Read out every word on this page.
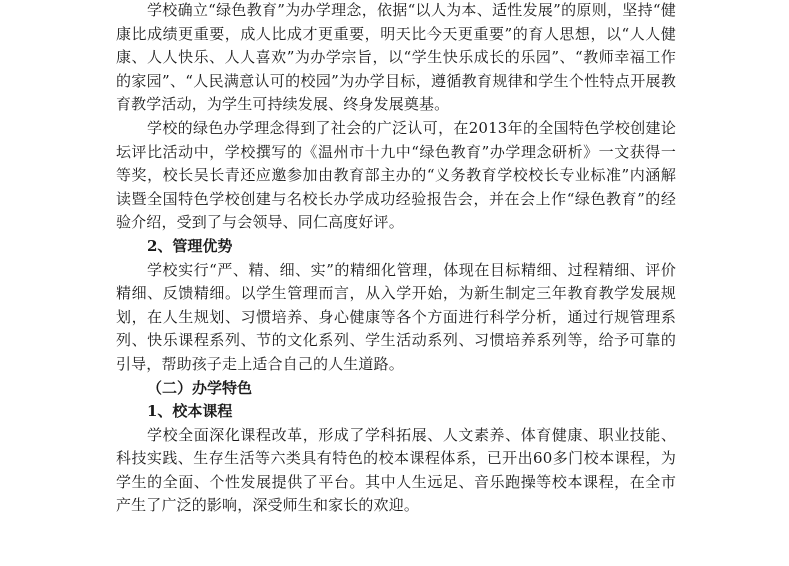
学校确立“绿色教育”为办学理念，依据“以人为本、适性发展”的原则，坚持“健康比成绩更重要，成人比成才更重要，明天比今天更重要”的育人思想，以“人人健康、人人快乐、人人喜欢”为办学宗旨，以“学生快乐成长的乐园”、“教师幸福工作的家园”、“人民满意认可的校园”为办学目标，遵循教育规律和学生个性特点开展教育教学活动，为学生可持续发展、终身发展奠基。

学校的绿色办学理念得到了社会的广泛认可，在2013年的全国特色学校创建论坛评比活动中，学校撰写的《温州市十九中“绿色教育”办学理念研析》一文获得一等奖，校长吴长青还应邀参加由教育部主办的“义务教育学校校长专业标准”内涵解读暨全国特色学校创建与名校长办学成功经验报告会，并在会上作“绿色教育”的经验介绍，受到了与会领导、同仁高度好评。

2、管理优势

学校实行“严、精、细、实”的精细化管理，体现在目标精细、过程精细、评价精细、反馈精细。以学生管理而言，从入学开始，为新生制定三年教育教学发展规划，在人生规划、习惯培养、身心健康等各个方面进行科学分析，通过行规管理系列、快乐课程系列、节的文化系列、学生活动系列、习惯培养系列等，给予可靠的引导，帮助孩子走上适合自己的人生道路。

（二）办学特色

1、校本课程

学校全面深化课程改革，形成了学科拓展、人文素养、体育健康、职业技能、科技实践、生存生活等六类具有特色的校本课程体系，已开出60多门校本课程，为学生的全面、个性发展提供了平台。其中人生远足、音乐跑操等校本课程，在全市产生了广泛的影响，深受师生和家长的欢迎。
